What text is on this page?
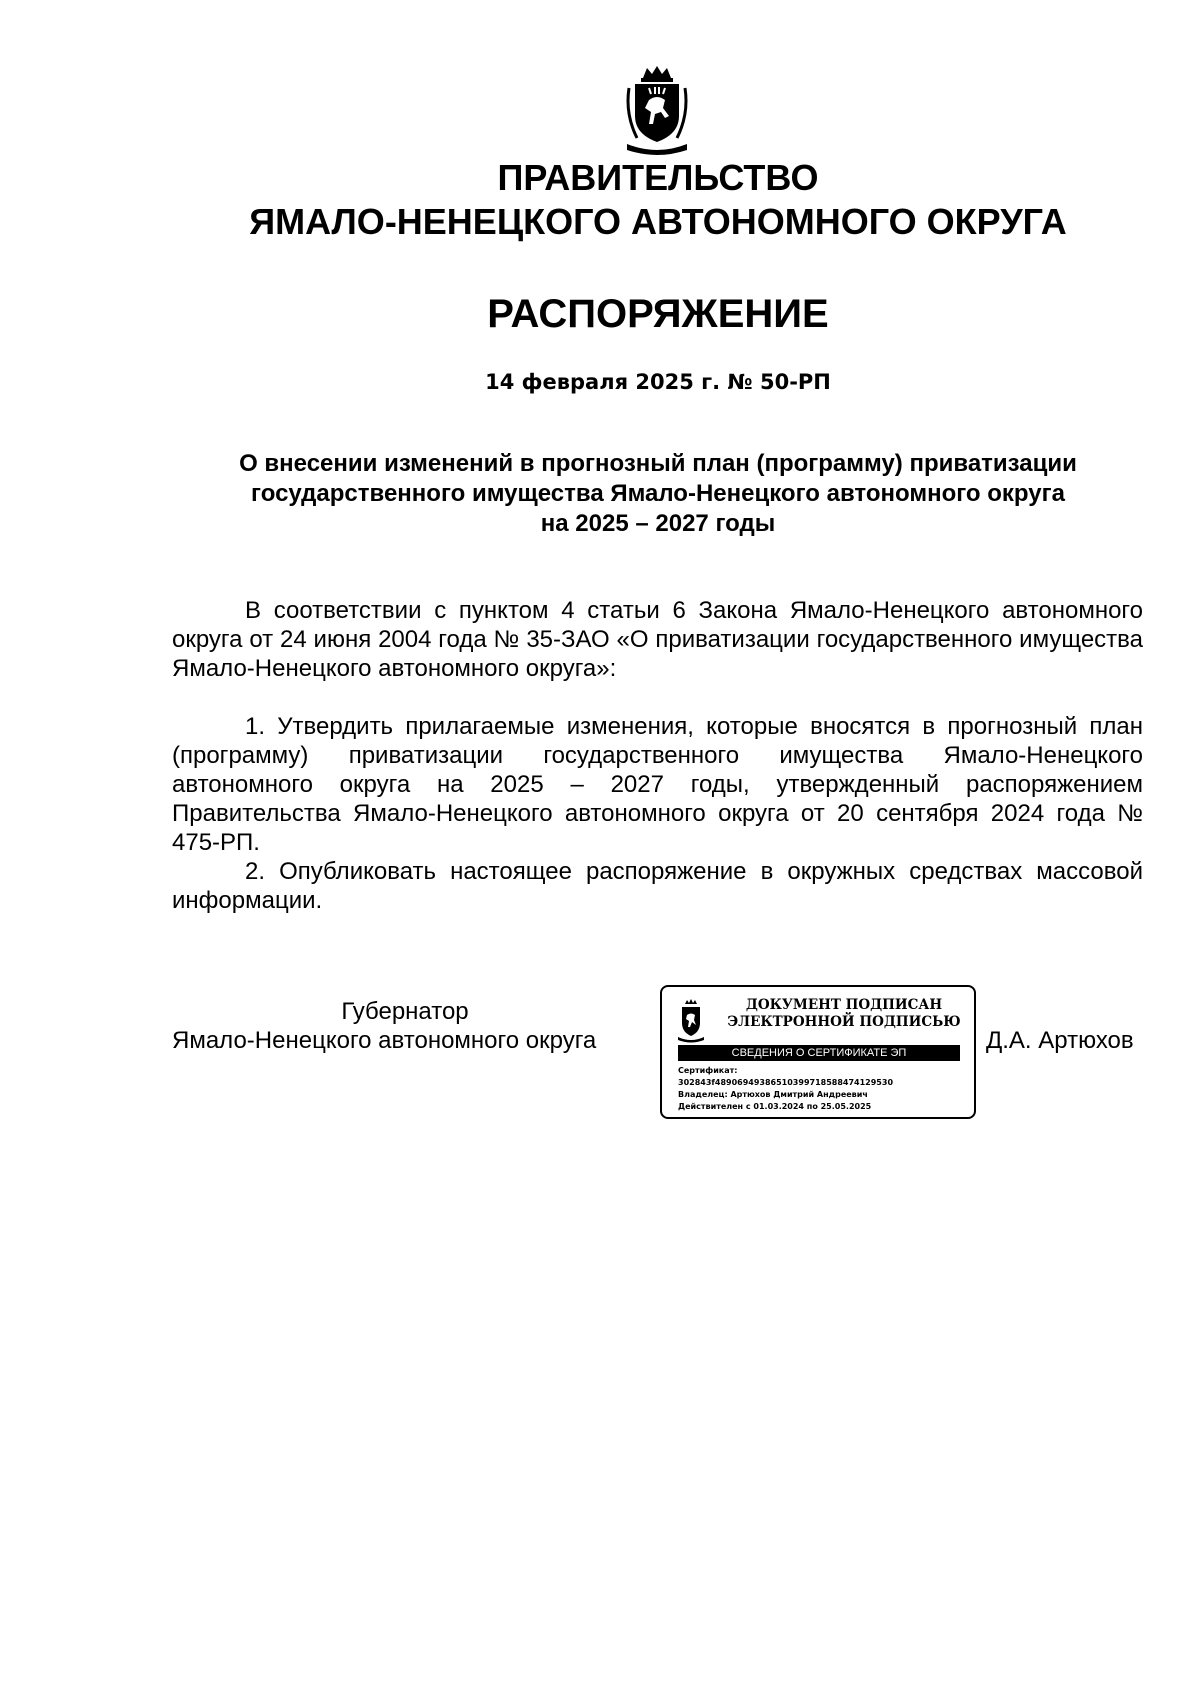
ПРАВИТЕЛЬСТВО
ЯМАЛО-НЕНЕЦКОГО АВТОНОМНОГО ОКРУГА
РАСПОРЯЖЕНИЕ
14 февраля 2025 г. № 50-РП
О внесении изменений в прогнозный план (программу) приватизации
государственного имущества Ямало-Ненецкого автономного округа
на 2025 – 2027 годы

В соответствии с пунктом 4 статьи 6 Закона Ямало-Ненецкого автономного округа от 24 июня 2004 года № 35-ЗАО «О приватизации государственного имущества Ямало-Ненецкого автономного округа»:

1. Утвердить прилагаемые изменения, которые вносятся в прогнозный план (программу) приватизации государственного имущества Ямало-Ненецкого автономного округа на 2025 – 2027 годы, утвержденный распоряжением Правительства Ямало-Ненецкого автономного округа от 20 сентября 2024 года № 475-РП.
2. Опубликовать настоящее распоряжение в окружных средствах массовой информации.
Губернатор
Ямало-Ненецкого автономного округа
ДОКУМЕНТ ПОДПИСАН
ЭЛЕКТРОННОЙ ПОДПИСЬЮ
СВЕДЕНИЯ О СЕРТИФИКАТЕ ЭП
Сертификат:
302843f4890694938651039971858847412953​0
Владелец: Артюхов Дмитрий Андреевич
Действителен с 01.03.2024 по 25.05.2025
Д.А. Артюхов
